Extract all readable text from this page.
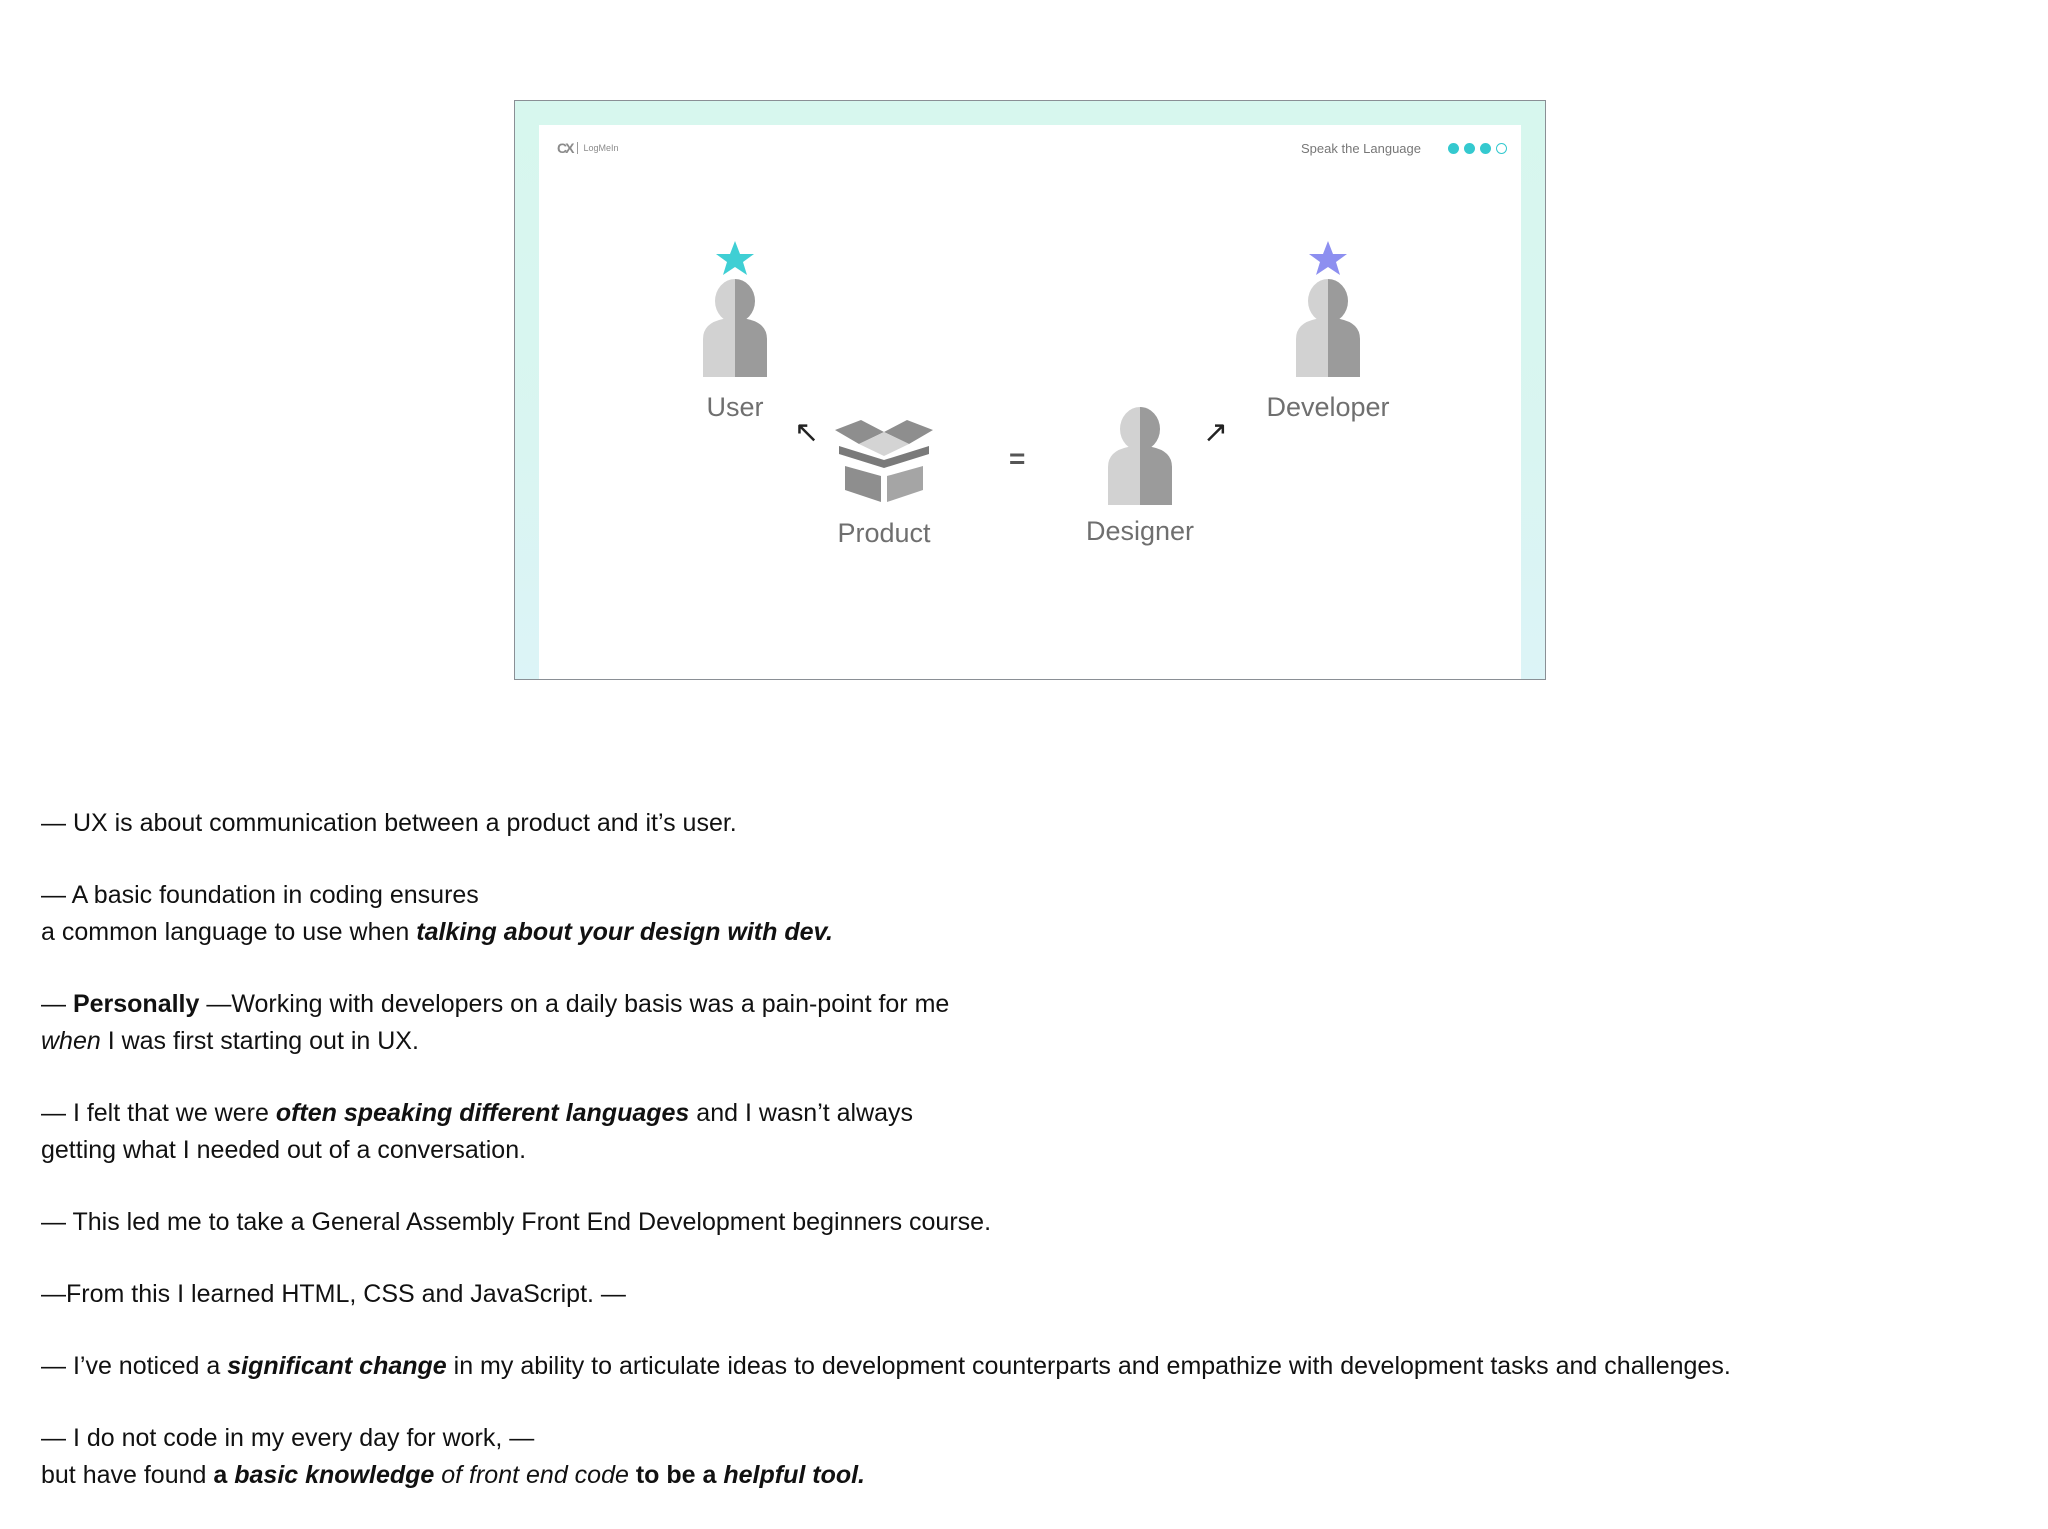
CX LogMeIn	Speak the Language
User	Developer
↖	↗
Product
=
Designer

— UX is about communication between a product and it’s user.

— A basic foundation in coding ensures
a common language to use when talking about your design with dev.

— Personally —Working with developers on a daily basis was a pain-point for me
when I was first starting out in UX.

— I felt that we were often speaking different languages and I wasn’t always
getting what I needed out of a conversation.

— This led me to take a General Assembly Front End Development beginners course.

—From this I learned HTML, CSS and JavaScript. —

— I’ve noticed a significant change in my ability to articulate ideas to development counterparts and empathize with development tasks and challenges.

— I do not code in my every day for work, —
but have found a basic knowledge of front end code to be a helpful tool.
